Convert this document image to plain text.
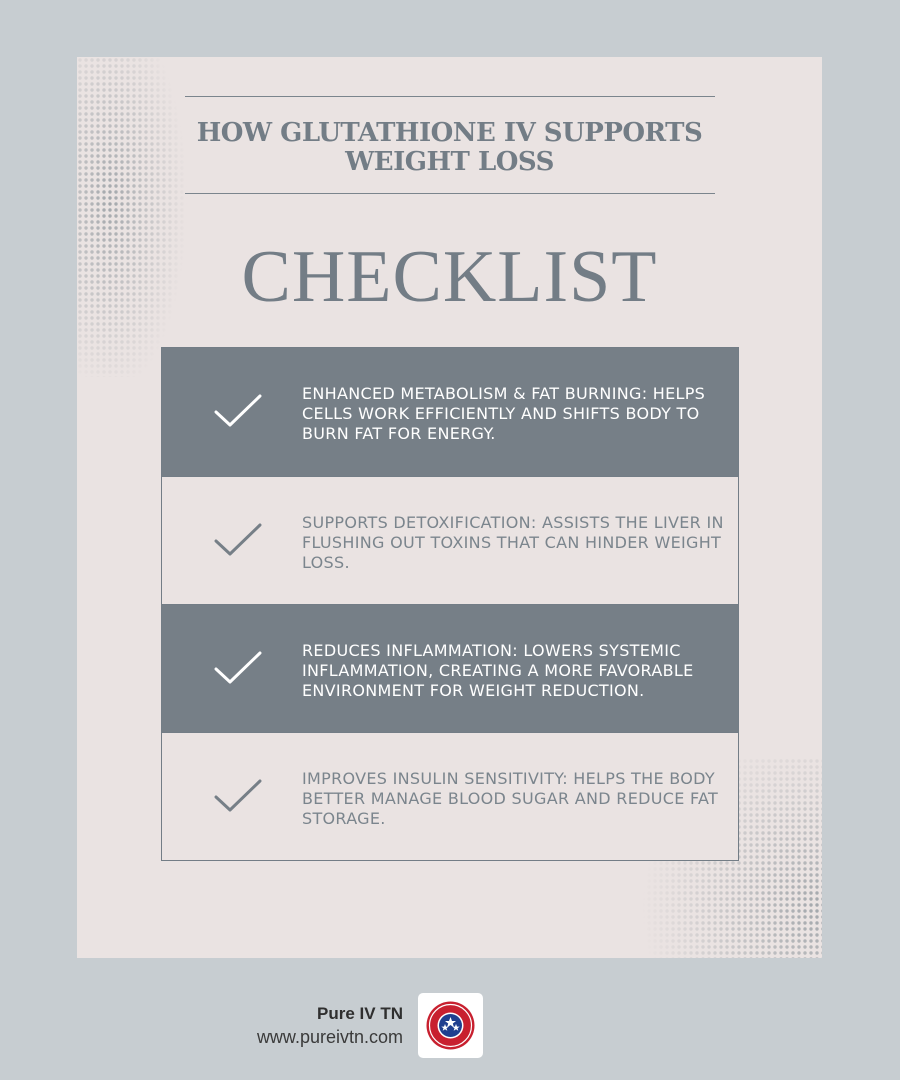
HOW GLUTATHIONE IV SUPPORTS
WEIGHT LOSS
CHECKLIST
ENHANCED METABOLISM & FAT BURNING: HELPS CELLS WORK EFFICIENTLY AND SHIFTS BODY TO BURN FAT FOR ENERGY.
SUPPORTS DETOXIFICATION: ASSISTS THE LIVER IN FLUSHING OUT TOXINS THAT CAN HINDER WEIGHT LOSS.
REDUCES INFLAMMATION: LOWERS SYSTEMIC INFLAMMATION, CREATING A MORE FAVORABLE ENVIRONMENT FOR WEIGHT REDUCTION.
IMPROVES INSULIN SENSITIVITY: HELPS THE BODY BETTER MANAGE BLOOD SUGAR AND REDUCE FAT STORAGE.
Pure IV TN
www.pureivtn.com
